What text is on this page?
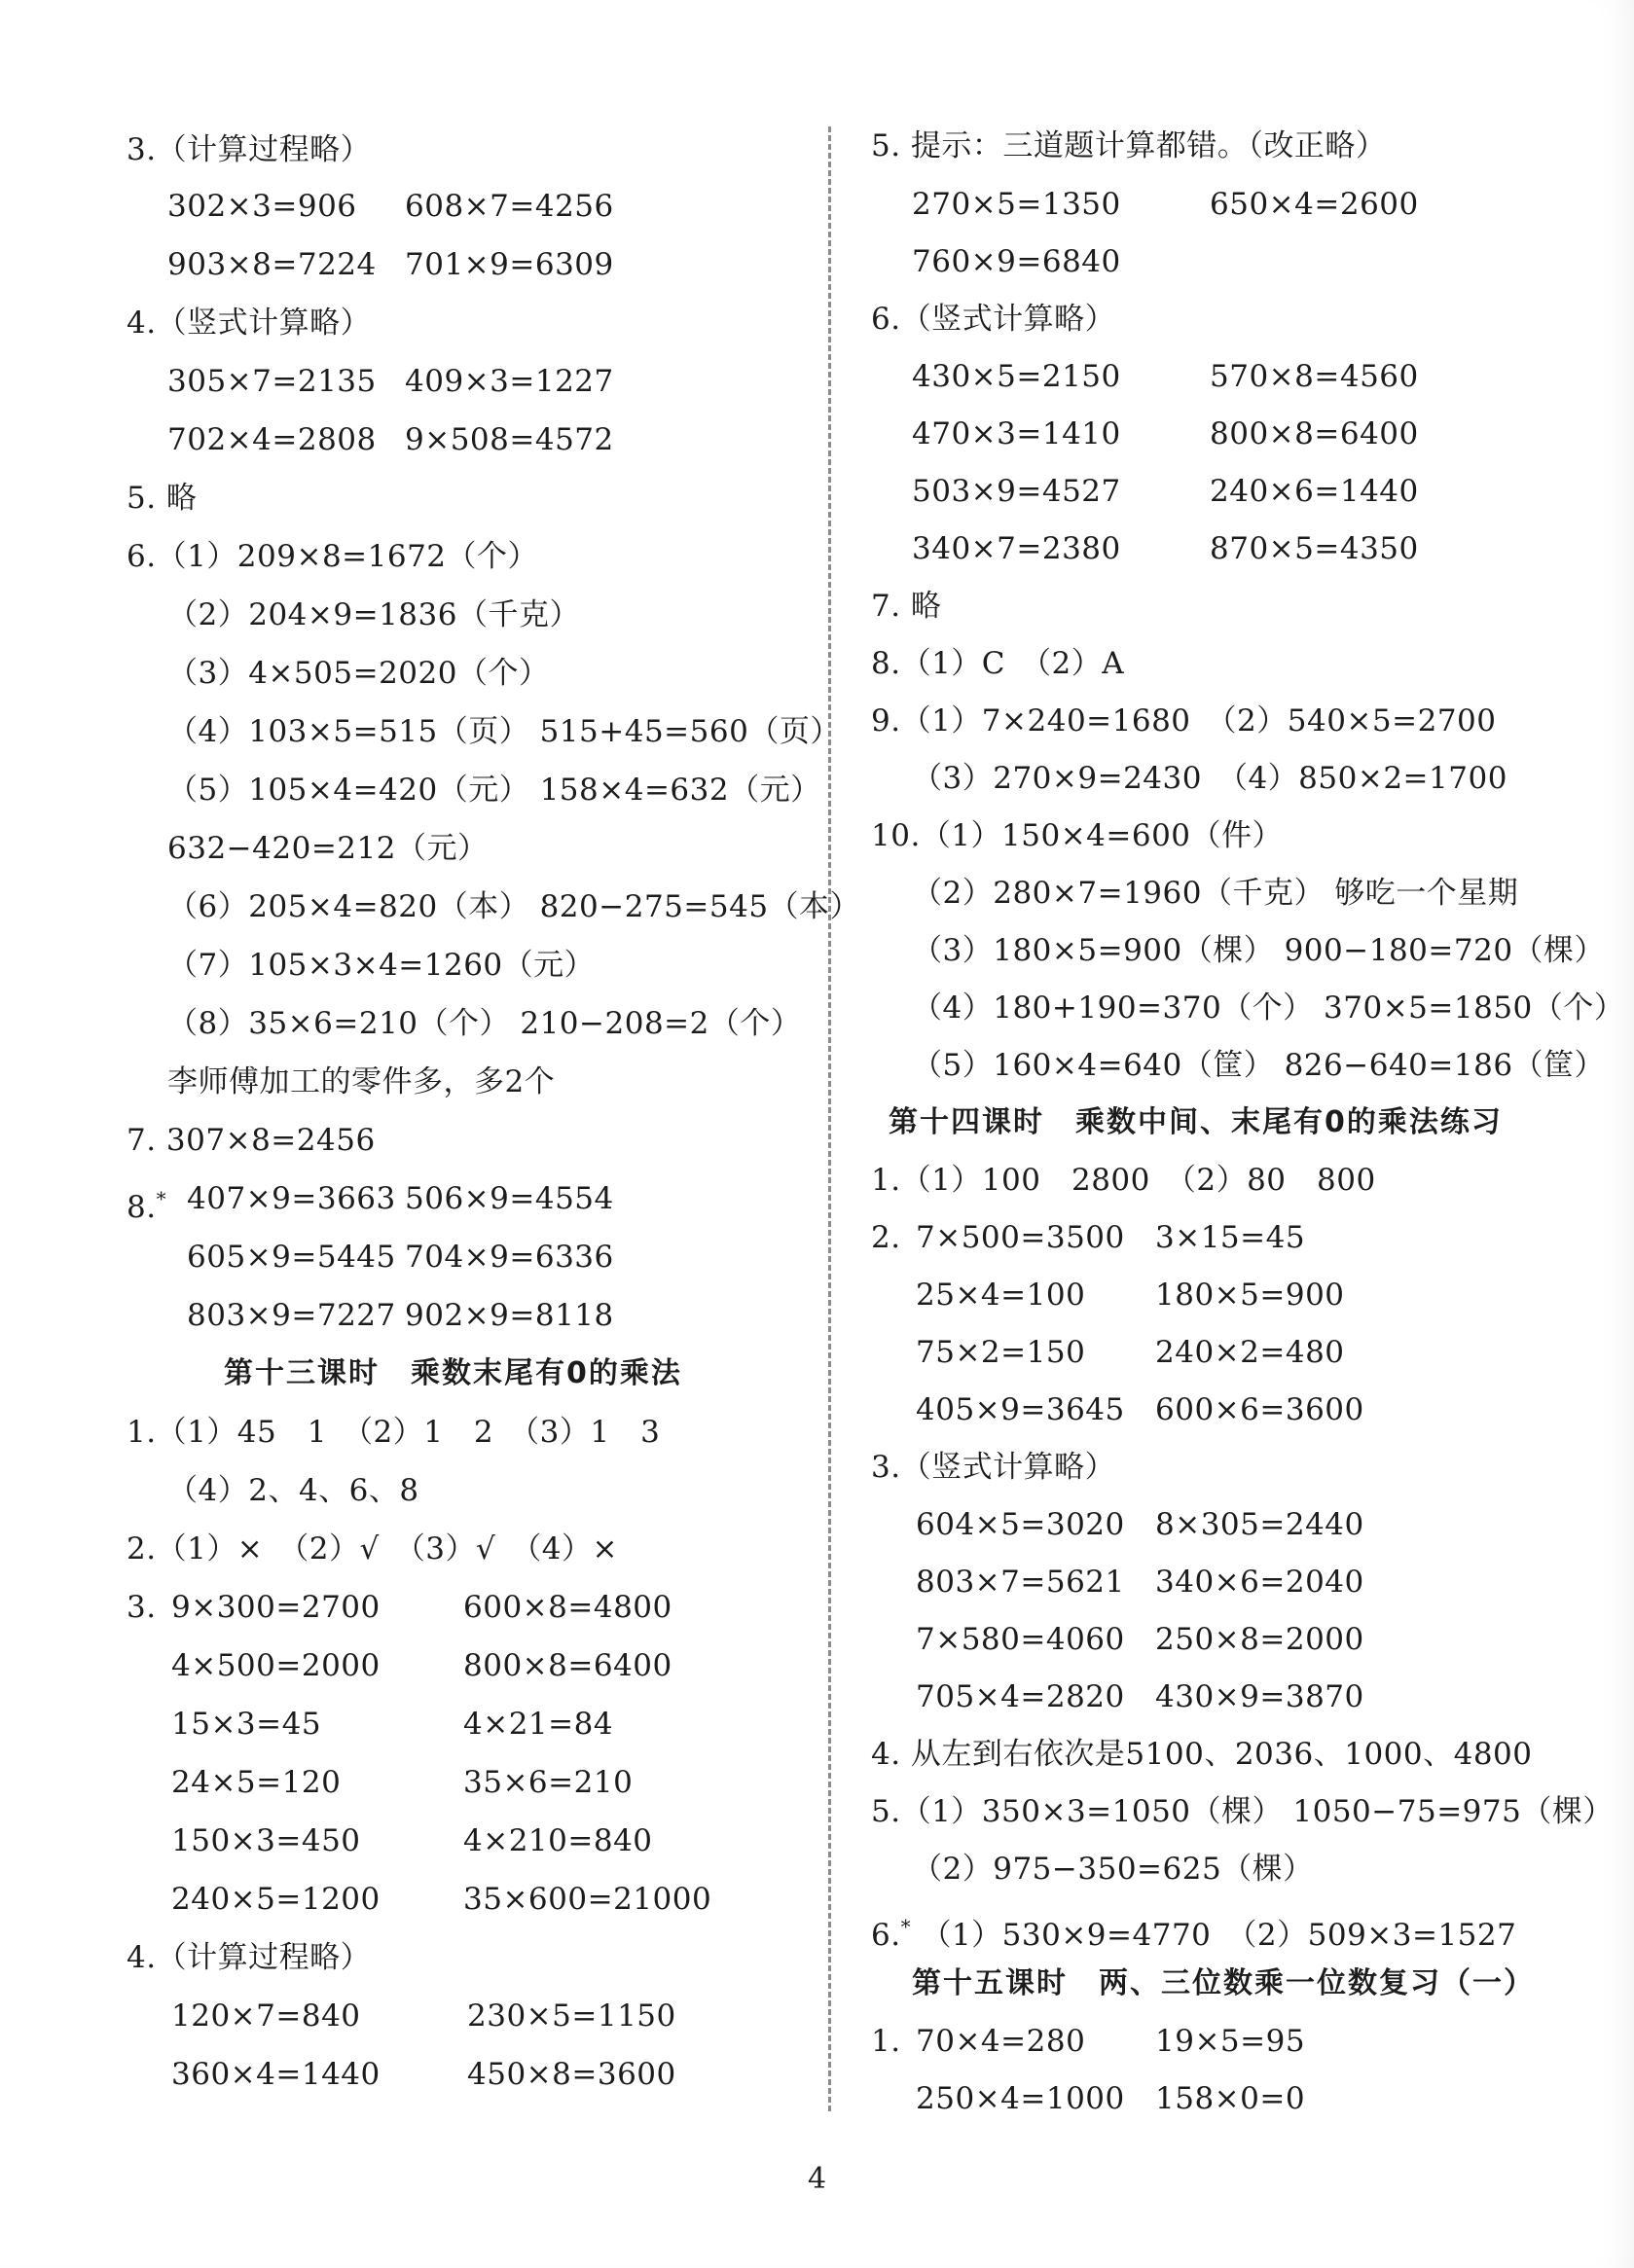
3.（计算过程略）
302×3=906 608×7=4256
903×8=7224 701×9=6309
4.（竖式计算略）
305×7=2135 409×3=1227
702×4=2808 9×508=4572
5. 略
6.（1）209×8=1672（个）
（2）204×9=1836（千克）
（3）4×505=2020（个）
（4）103×5=515（页） 515+45=560（页）
（5）105×4=420（元） 158×4=632（元）
632−420=212（元）
（6）205×4=820（本） 820−275=545（本）
（7）105×3×4=1260（元）
（8）35×6=210（个） 210−208=2（个）
李师傅加工的零件多，多2个
7. 307×8=2456
8.* 407×9=3663 506×9=4554
605×9=5445 704×9=6336
803×9=7227 902×9=8118
第十三课时　乘数末尾有0的乘法
1.（1）45　1　（2）1　2　（3）1　3
（4）2、4、6、8
2.（1）×　（2）√　（3）√　（4）×
3. 9×300=2700	600×8=4800
4×500=2000	800×8=6400
15×3=45	4×21=84
24×5=120	35×6=210
150×3=450	4×210=840
240×5=1200	35×600=21000
4.（计算过程略）
120×7=840	230×5=1150
360×4=1440	450×8=3600
5. 提示：三道题计算都错。（改正略）
270×5=1350	650×4=2600
760×9=6840
6.（竖式计算略）
430×5=2150	570×8=4560
470×3=1410	800×8=6400
503×9=4527	240×6=1440
340×7=2380	870×5=4350
7. 略
8.（1）C　（2）A
9.（1）7×240=1680　（2）540×5=2700
（3）270×9=2430　（4）850×2=1700
10.（1）150×4=600（件）
（2）280×7=1960（千克） 够吃一个星期
（3）180×5=900（棵） 900−180=720（棵）
（4）180+190=370（个） 370×5=1850（个）
（5）160×4=640（筐） 826−640=186（筐）
第十四课时　乘数中间、末尾有0的乘法练习
1.（1）100　2800　（2）80　800
2. 7×500=3500 3×15=45
25×4=100 180×5=900
75×2=150 240×2=480
405×9=3645 600×6=3600
3.（竖式计算略）
604×5=3020 8×305=2440
803×7=5621 340×6=2040
7×580=4060 250×8=2000
705×4=2820 430×9=3870
4. 从左到右依次是5100、2036、1000、4800
5.（1）350×3=1050（棵） 1050−75=975（棵）
（2）975−350=625（棵）
6.* （1）530×9=4770　（2）509×3=1527
第十五课时　两、三位数乘一位数复习（一）
1. 70×4=280 19×5=95
250×4=1000 158×0=0
4
